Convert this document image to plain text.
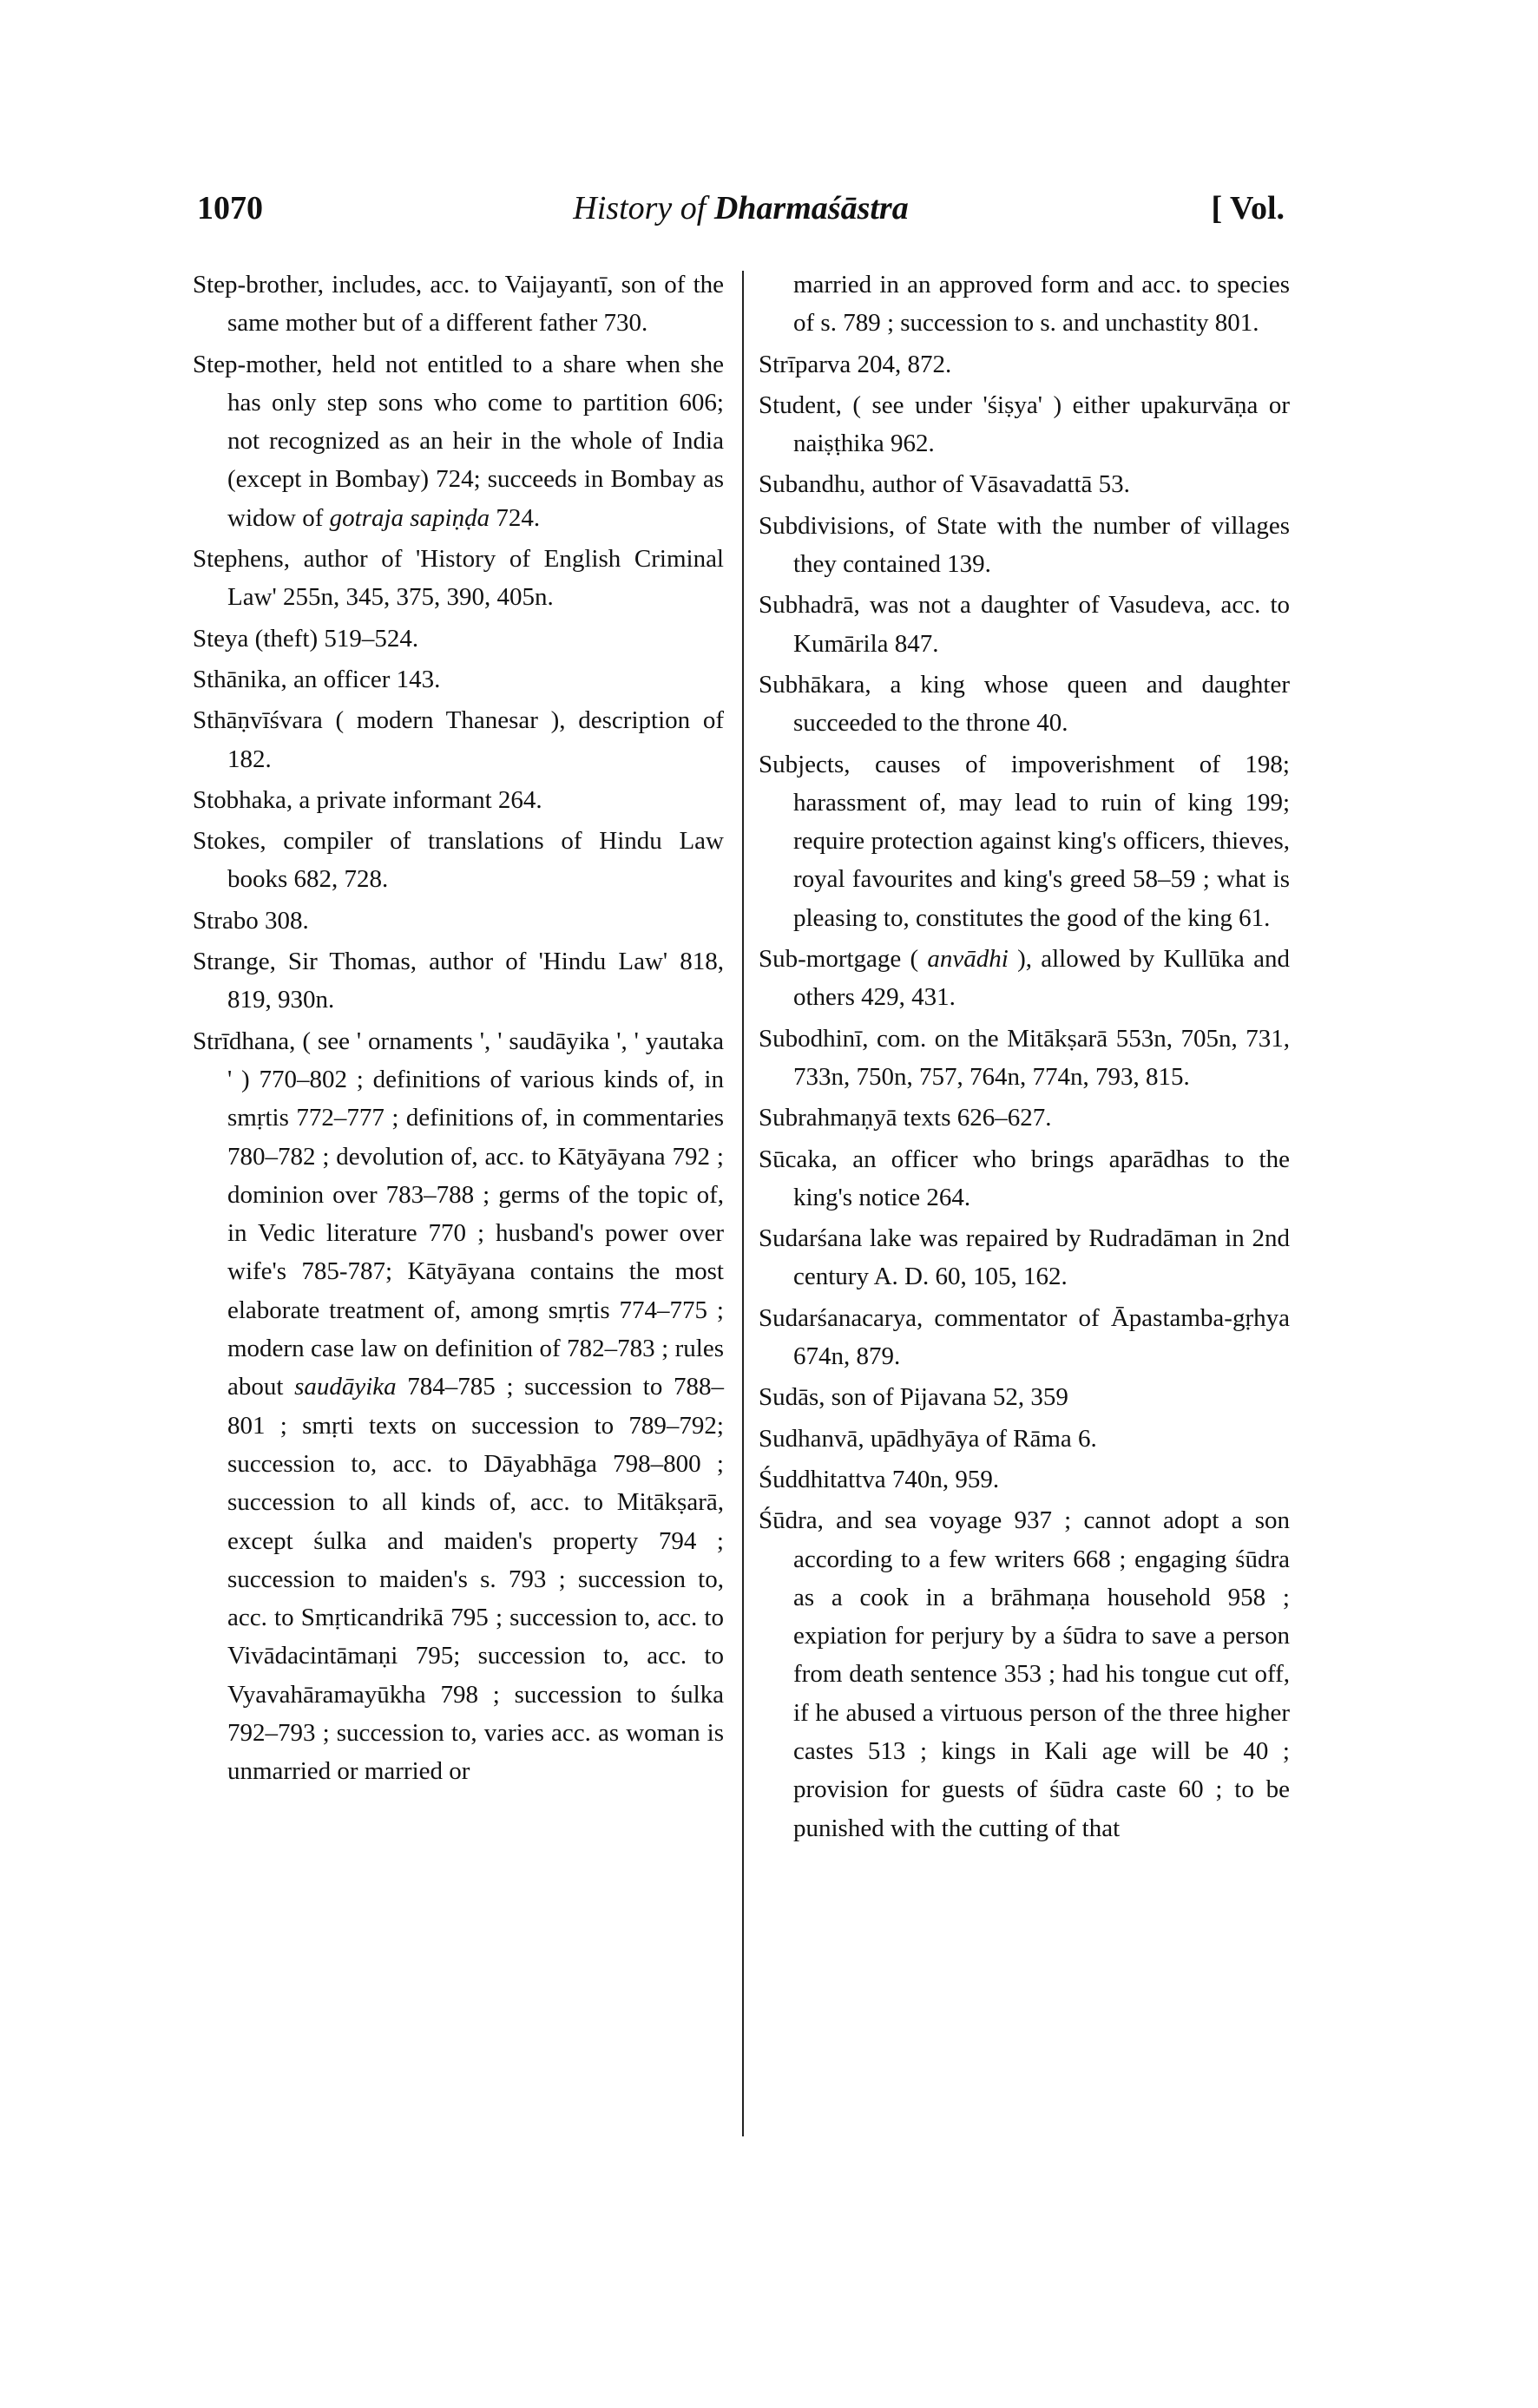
1070	History of Dharmaśāstra	[ Vol.

Step-brother, includes, acc. to Vaijayantī, son of the same mother but of a different father 730.

Step-mother, held not entitled to a share when she has only step sons who come to partition 606; not recognized as an heir in the whole of India (except in Bombay) 724; succeeds in Bombay as widow of gotraja sapiṇḍa 724.

Stephens, author of 'History of English Criminal Law' 255n, 345, 375, 390, 405n.

Steya (theft) 519–524.

Sthānika, an officer 143.

Sthāṇvīśvara ( modern Thanesar ), description of 182.

Stobhaka, a private informant 264.

Stokes, compiler of translations of Hindu Law books 682, 728.

Strabo 308.

Strange, Sir Thomas, author of 'Hindu Law' 818, 819, 930n.

Strīdhana, ( see ' ornaments ', ' saudāyika ', ' yautaka ' ) 770–802 ; definitions of various kinds of, in smṛtis 772–777 ; definitions of, in commentaries 780–782 ; devolution of, acc. to Kātyāyana 792 ; dominion over 783–788 ; germs of the topic of, in Vedic literature 770 ; husband's power over wife's 785-787; Kātyāyana contains the most elaborate treatment of, among smṛtis 774–775 ; modern case law on definition of 782–783 ; rules about saudāyika 784–785 ; succession to 788–801 ; smṛti texts on succession to 789–792; succession to, acc. to Dāyabhāga 798–800 ; succession to all kinds of, acc. to Mitākṣarā, except śulka and maiden's property 794 ; succession to maiden's s. 793 ; succession to, acc. to Smṛticandrikā 795 ; succession to, acc. to Vivādacintāmaṇi 795; succession to, acc. to Vyavahāramayūkha 798 ; succession to śulka 792–793 ; succession to, varies acc. as woman is unmarried or married or

married in an approved form and acc. to species of s. 789 ; succession to s. and unchastity 801.

Strīparva 204, 872.

Student, ( see under 'śiṣya' ) either upakurvāṇa or naiṣṭhika 962.

Subandhu, author of Vāsavadattā 53.

Subdivisions, of State with the number of villages they contained 139.

Subhadrā, was not a daughter of Vasudeva, acc. to Kumārila 847.

Subhākara, a king whose queen and daughter succeeded to the throne 40.

Subjects, causes of impoverishment of 198; harassment of, may lead to ruin of king 199; require protection against king's officers, thieves, royal favourites and king's greed 58–59 ; what is pleasing to, constitutes the good of the king 61.

Sub-mortgage ( anvādhi ), allowed by Kullūka and others 429, 431.

Subodhinī, com. on the Mitākṣarā 553n, 705n, 731, 733n, 750n, 757, 764n, 774n, 793, 815.

Subrahmaṇyā texts 626–627.

Sūcaka, an officer who brings aparādhas to the king's notice 264.

Sudarśana lake was repaired by Rudradāman in 2nd century A. D. 60, 105, 162.

Sudarśanacarya, commentator of Āpastamba-gṛhya 674n, 879.

Sudās, son of Pijavana 52, 359

Sudhanvā, upādhyāya of Rāma 6.

Śuddhitattva 740n, 959.

Śūdra, and sea voyage 937 ; cannot adopt a son according to a few writers 668 ; engaging śūdra as a cook in a brāhmaṇa household 958 ; expiation for perjury by a śūdra to save a person from death sentence 353 ; had his tongue cut off, if he abused a virtuous person of the three higher castes 513 ; kings in Kali age will be 40 ; provision for guests of śūdra caste 60 ; to be punished with the cutting of that
